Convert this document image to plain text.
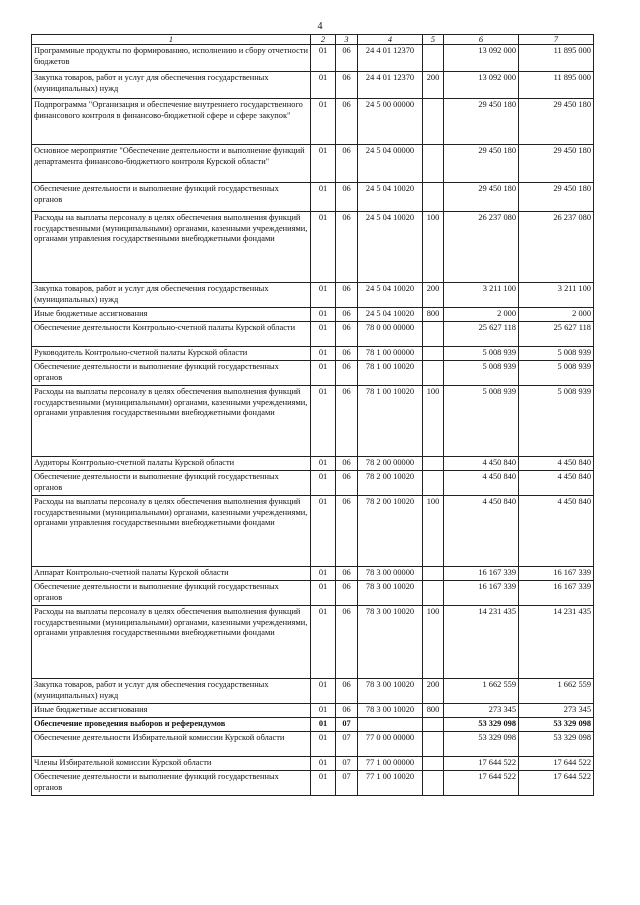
4
1	2	3	4	5	6	7
Программные продукты по формированию, исполнению и сбору отчетности бюджетов	01	06	24 4 01 12370		13 092 000	11 895 000
Закупка товаров, работ и услуг для обеспечения государственных (муниципальных) нужд	01	06	24 4 01 12370	200	13 092 000	11 895 000
Подпрограмма "Организация и обеспечение внутреннего государственного финансового контроля в финансово-бюджетной сфере и сфере закупок"	01	06	24 5 00 00000		29 450 180	29 450 180
Основное мероприятие "Обеспечение деятельности и выполнение функций департамента финансово-бюджетного контроля Курской области"	01	06	24 5 04 00000		29 450 180	29 450 180
Обеспечение деятельности и выполнение функций государственных органов	01	06	24 5 04 10020		29 450 180	29 450 180
Расходы на выплаты персоналу в целях обеспечения выполнения функций государственными (муниципальными) органами, казенными учреждениями, органами управления государственными внебюджетными фондами	01	06	24 5 04 10020	100	26 237 080	26 237 080
Закупка товаров, работ и услуг для обеспечения государственных (муниципальных) нужд	01	06	24 5 04 10020	200	3 211 100	3 211 100
Иные бюджетные ассигнования	01	06	24 5 04 10020	800	2 000	2 000
Обеспечение деятельности Контрольно-счетной палаты Курской области	01	06	78 0 00 00000		25 627 118	25 627 118
Руководитель Контрольно-счетной палаты Курской области	01	06	78 1 00 00000		5 008 939	5 008 939
Обеспечение деятельности и выполнение функций государственных органов	01	06	78 1 00 10020		5 008 939	5 008 939
Расходы на выплаты персоналу в целях обеспечения выполнения функций государственными (муниципальными) органами, казенными учреждениями, органами управления государственными внебюджетными фондами	01	06	78 1 00 10020	100	5 008 939	5 008 939
Аудиторы Контрольно-счетной палаты Курской области	01	06	78 2 00 00000		4 450 840	4 450 840
Обеспечение деятельности и выполнение функций государственных органов	01	06	78 2 00 10020		4 450 840	4 450 840
Расходы на выплаты персоналу в целях обеспечения выполнения функций государственными (муниципальными) органами, казенными учреждениями, органами управления государственными внебюджетными фондами	01	06	78 2 00 10020	100	4 450 840	4 450 840
Аппарат Контрольно-счетной палаты Курской области	01	06	78 3 00 00000		16 167 339	16 167 339
Обеспечение деятельности и выполнение функций государственных органов	01	06	78 3 00 10020		16 167 339	16 167 339
Расходы на выплаты персоналу в целях обеспечения выполнения функций государственными (муниципальными) органами, казенными учреждениями, органами управления государственными внебюджетными фондами	01	06	78 3 00 10020	100	14 231 435	14 231 435
Закупка товаров, работ и услуг для обеспечения государственных (муниципальных) нужд	01	06	78 3 00 10020	200	1 662 559	1 662 559
Иные бюджетные ассигнования	01	06	78 3 00 10020	800	273 345	273 345
Обеспечение проведения выборов и референдумов	01	07			53 329 098	53 329 098
Обеспечение деятельности Избирательной комиссии Курской области	01	07	77 0 00 00000		53 329 098	53 329 098
Члены Избирательной комиссии Курской области	01	07	77 1 00 00000		17 644 522	17 644 522
Обеспечение деятельности и выполнение функций государственных органов	01	07	77 1 00 10020		17 644 522	17 644 522
